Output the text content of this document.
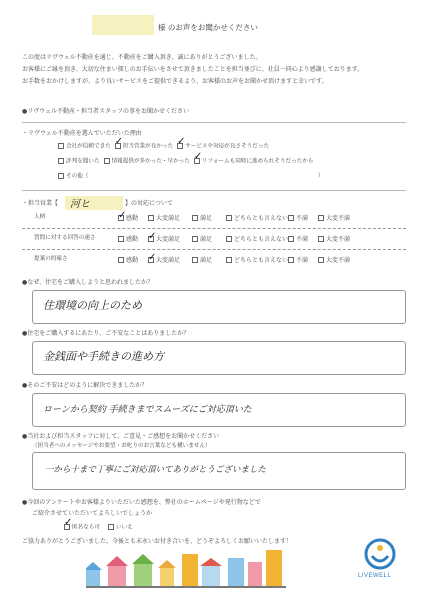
様 のお声をお聞かせください
この度はリヴウェル不動産を通じ、不動産をご購入頂き、誠にありがとうございました。
お客様にご縁を頂き、大切な住まい探しのお手伝いをさせて頂きましたことを担当並びに、社員一同心より感謝しております。
お手数をおかけしますが、より良いサービスをご提供できるよう、お客様のお声をお聞かせ頂けますと幸いです。
●リヴウェル不動産・担当者スタッフの事をお聞かせください
・リヴウェル不動産を選んでいただいた理由
会社が信頼できた ✓	担当営業が良かった ✓	サービスや対応が良さそうだった
評判を聞いた	情報提供が多かった・早かった ✓	リフォームも同時に進められそうだったから
その他（	）
・担当営業【 河ヒ	】の対応について
人柄 ✓	感動	大変満足	満足	どちらとも言えない 不満	大変不満
質問に対する回答の速さ	感動 ✓	大変満足	満足	どちらとも言えない 不満	大変不満
提案の的確さ	感動 ✓	大変満足	満足	どちらとも言えない 不満	大変不満
●なぜ、住宅をご購入しようと思われましたか？
住環境の向上のため
●住宅をご購入するにあたり、ご不安なことはありましたか？
金銭面や手続きの進め方
●そのご不安はどのように解決できましたか？
ローンから契約 手続きまでスムーズにご対応頂いた
●当社および担当スタッフに対して、ご意見・ご感想をお聞かせください
（担当者へのメッセージやお要望・お叱りのお言葉なども構いません）
一から十まで丁寧にご対応頂いてありがとうございました
●今回のアンケートやお客様よりいただいた感想を、弊社のホームページや発行物などで
ご紹介させていただいてよろしいでしょうか
✓匿名なら可	いいえ
ご協力ありがとうございました。今後とも末永いお付き合いを、どうぞよろしくお願いいたします！
LIVEWELL
